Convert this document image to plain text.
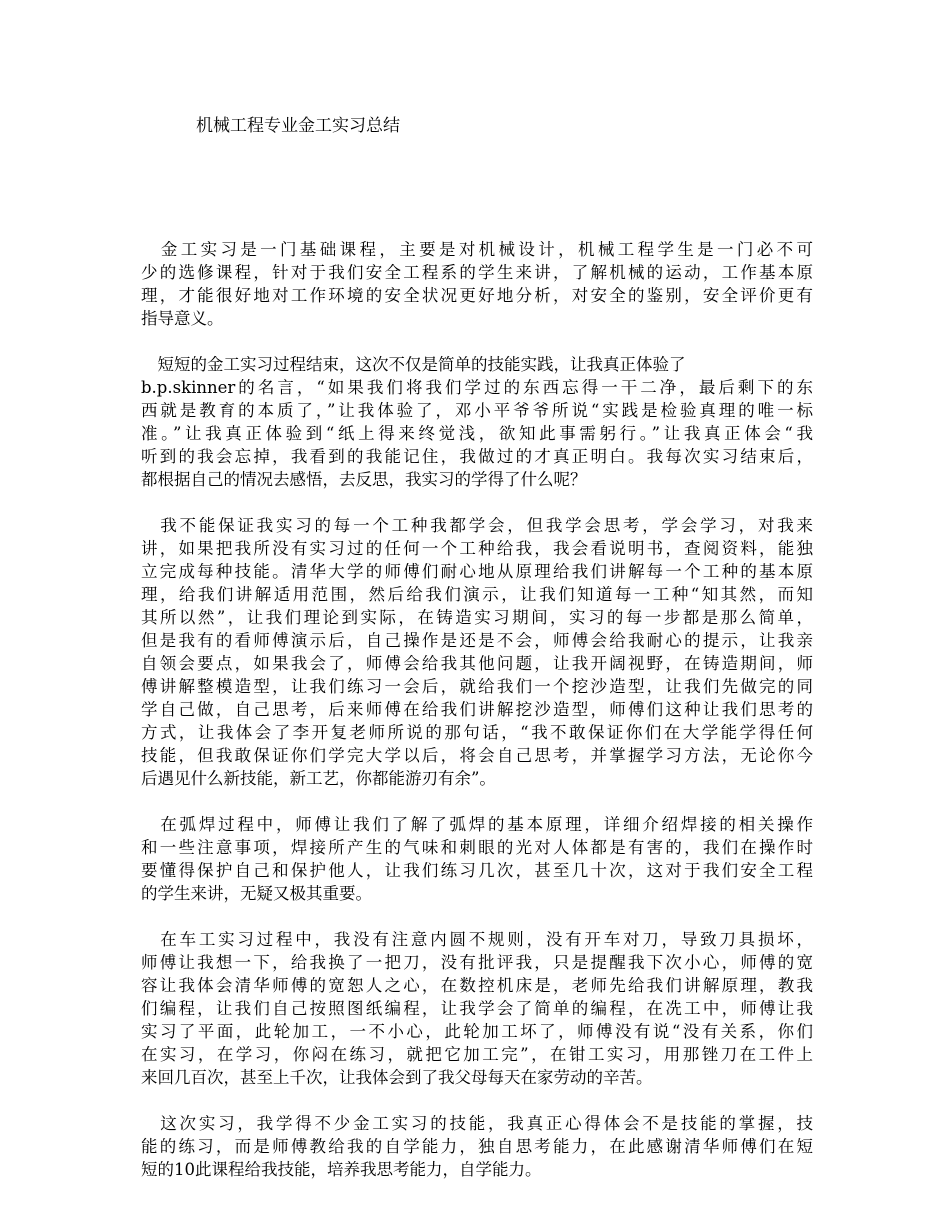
机械工程专业金工实习总结
　金工实习是一门基础课程，主要是对机械设计，机械工程学生是一门必不可
少的选修课程，针对于我们安全工程系的学生来讲，了解机械的运动，工作基本原
理，才能很好地对工作环境的安全状况更好地分析，对安全的鉴别，安全评价更有
指导意义。
　短短的金工实习过程结束，这次不仅是简单的技能实践，让我真正体验了
b.p.skinner的名言，“如果我们将我们学过的东西忘得一干二净，最后剩下的东
西就是教育的本质了，”让我体验了，邓小平爷爷所说“实践是检验真理的唯一标
准。”让我真正体验到“纸上得来终觉浅，欲知此事需躬行。”让我真正体会“我
听到的我会忘掉，我看到的我能记住，我做过的才真正明白。我每次实习结束后，
都根据自己的情况去感悟，去反思，我实习的学得了什么呢？
　我不能保证我实习的每一个工种我都学会，但我学会思考，学会学习，对我来
讲，如果把我所没有实习过的任何一个工种给我，我会看说明书，查阅资料，能独
立完成每种技能。清华大学的师傅们耐心地从原理给我们讲解每一个工种的基本原
理，给我们讲解适用范围，然后给我们演示，让我们知道每一工种“知其然，而知
其所以然”，让我们理论到实际，在铸造实习期间，实习的每一步都是那么简单，
但是我有的看师傅演示后，自己操作是还是不会，师傅会给我耐心的提示，让我亲
自领会要点，如果我会了，师傅会给我其他问题，让我开阔视野，在铸造期间，师
傅讲解整模造型，让我们练习一会后，就给我们一个挖沙造型，让我们先做完的同
学自己做，自己思考，后来师傅在给我们讲解挖沙造型，师傅们这种让我们思考的
方式，让我体会了李开复老师所说的那句话，“我不敢保证你们在大学能学得任何
技能，但我敢保证你们学完大学以后，将会自己思考，并掌握学习方法，无论你今
后遇见什么新技能，新工艺，你都能游刃有余”。
　在弧焊过程中，师傅让我们了解了弧焊的基本原理，详细介绍焊接的相关操作
和一些注意事项，焊接所产生的气味和刺眼的光对人体都是有害的，我们在操作时
要懂得保护自己和保护他人，让我们练习几次，甚至几十次，这对于我们安全工程
的学生来讲，无疑又极其重要。
　在车工实习过程中，我没有注意内圆不规则，没有开车对刀，导致刀具损坏，
师傅让我想一下，给我换了一把刀，没有批评我，只是提醒我下次小心，师傅的宽
容让我体会清华师傅的宽恕人之心，在数控机床是，老师先给我们讲解原理，教我
们编程，让我们自己按照图纸编程，让我学会了简单的编程，在冼工中，师傅让我
实习了平面，此轮加工，一不小心，此轮加工坏了，师傅没有说“没有关系，你们
在实习，在学习，你闷在练习，就把它加工完”，在钳工实习，用那锉刀在工件上
来回几百次，甚至上千次，让我体会到了我父母每天在家劳动的辛苦。
　这次实习，我学得不少金工实习的技能，我真正心得体会不是技能的掌握，技
能的练习，而是师傅教给我的自学能力，独自思考能力，在此感谢清华师傅们在短
短的10此课程给我技能，培养我思考能力，自学能力。
